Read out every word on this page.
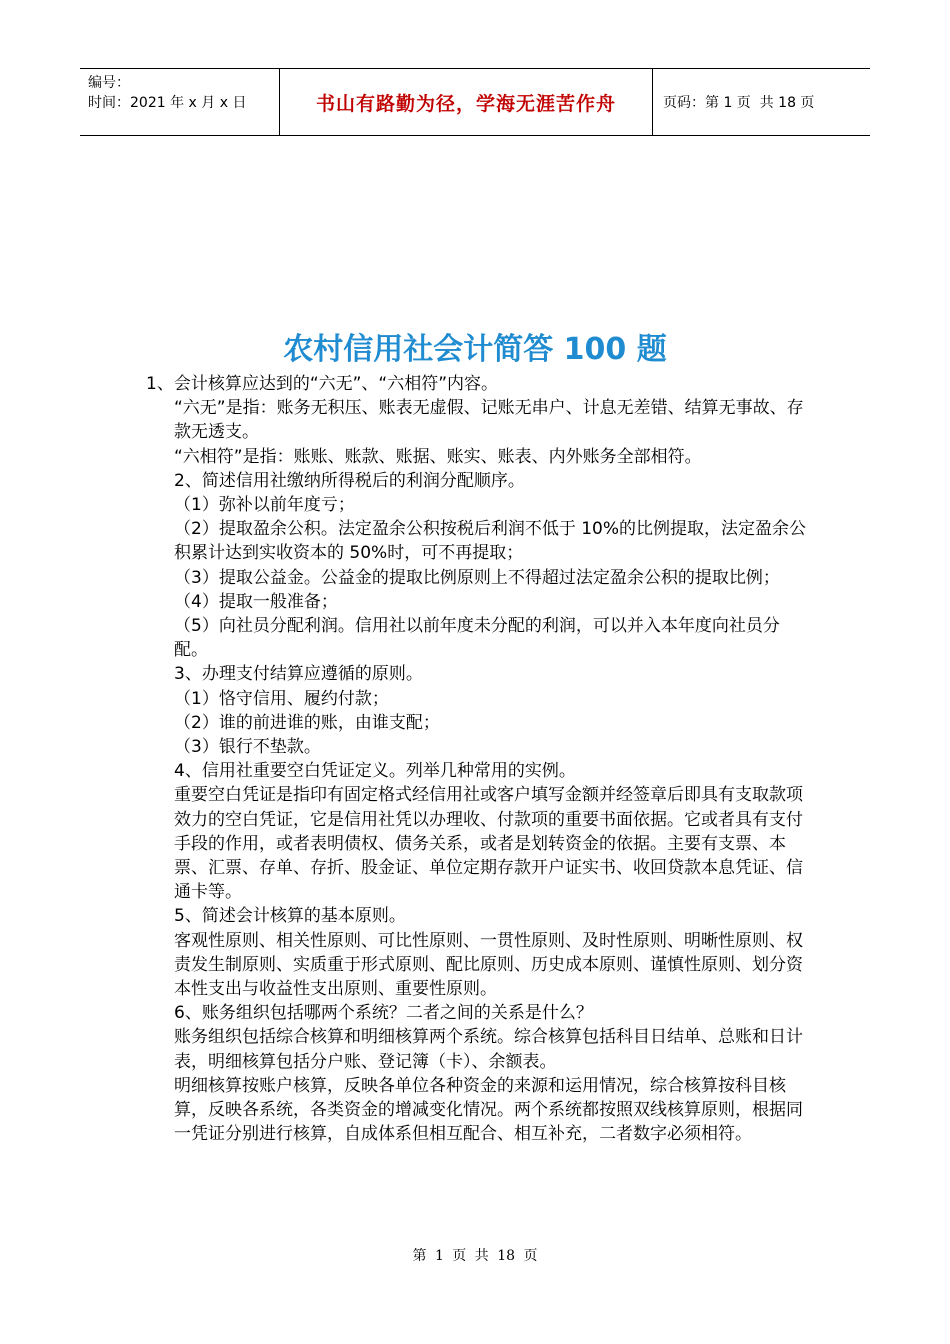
编号：
时间：2021 年 x 月 x 日	书山有路勤为径，学海无涯苦作舟	页码：第 1 页  共 18 页
农村信用社会计简答 100 题

1、会计核算应达到的“六无”、“六相符”内容。

“六无”是指：账务无积压、账表无虚假、记账无串户、计息无差错、结算无事故、存款无透支。

“六相符”是指：账账、账款、账据、账实、账表、内外账务全部相符。

2、简述信用社缴纳所得税后的利润分配顺序。

（1）弥补以前年度亏；

（2）提取盈余公积。法定盈余公积按税后利润不低于 10%的比例提取，法定盈余公积累计达到实收资本的 50%时，可不再提取；

（3）提取公益金。公益金的提取比例原则上不得超过法定盈余公积的提取比例；

（4）提取一般准备；

（5）向社员分配利润。信用社以前年度未分配的利润，可以并入本年度向社员分配。

3、办理支付结算应遵循的原则。

（1）恪守信用、履约付款；

（2）谁的前进谁的账，由谁支配；

（3）银行不垫款。

4、信用社重要空白凭证定义。列举几种常用的实例。

重要空白凭证是指印有固定格式经信用社或客户填写金额并经签章后即具有支取款项效力的空白凭证，它是信用社凭以办理收、付款项的重要书面依据。它或者具有支付手段的作用，或者表明债权、债务关系，或者是划转资金的依据。主要有支票、本票、汇票、存单、存折、股金证、单位定期存款开户证实书、收回贷款本息凭证、信通卡等。

5、简述会计核算的基本原则。

客观性原则、相关性原则、可比性原则、一贯性原则、及时性原则、明晰性原则、权责发生制原则、实质重于形式原则、配比原则、历史成本原则、谨慎性原则、划分资本性支出与收益性支出原则、重要性原则。

6、账务组织包括哪两个系统？二者之间的关系是什么？

账务组织包括综合核算和明细核算两个系统。综合核算包括科目日结单、总账和日计表，明细核算包括分户账、登记簿（卡）、余额表。

明细核算按账户核算，反映各单位各种资金的来源和运用情况，综合核算按科目核算，反映各系统，各类资金的增减变化情况。两个系统都按照双线核算原则，根据同一凭证分别进行核算，自成体系但相互配合、相互补充，二者数字必须相符。

第 1 页 共 18 页
